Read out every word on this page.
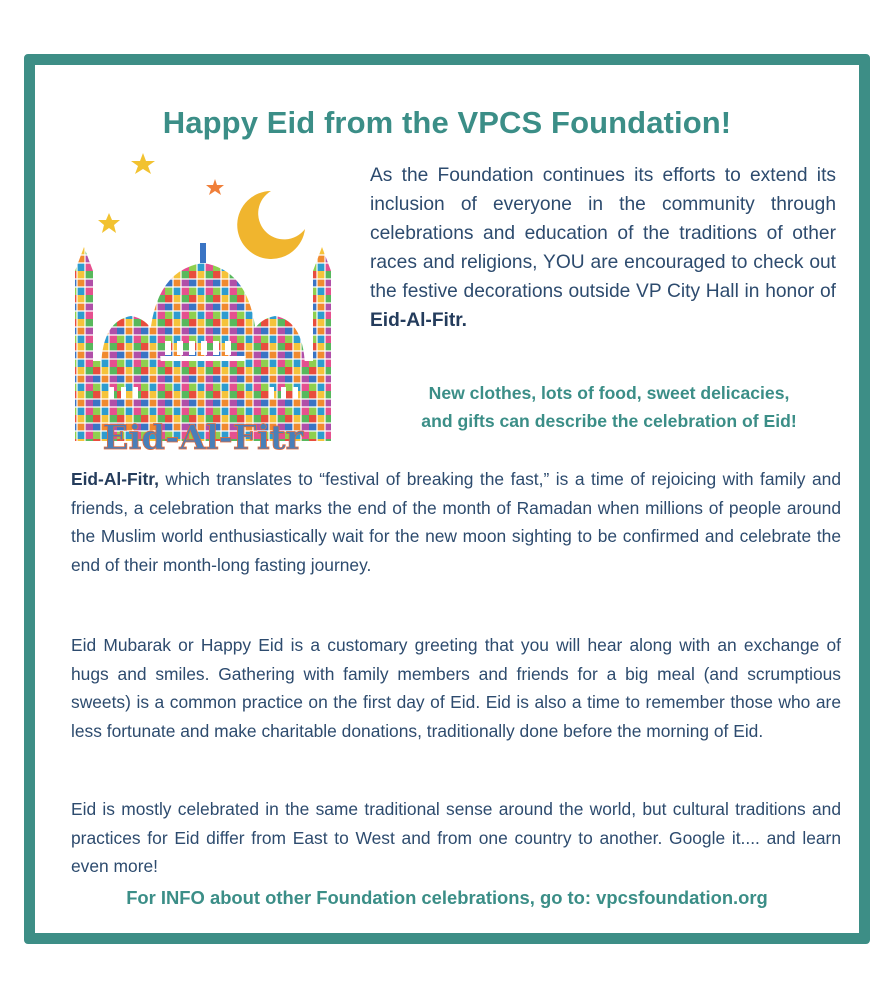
Happy Eid from the VPCS Foundation!
Eid-Al-Fitr
As the Foundation continues its efforts to extend its inclusion of everyone in the community through celebrations and education of the traditions of other races and religions, YOU are encouraged to check out the festive decorations outside VP City Hall in honor of Eid-Al-Fitr.
New clothes, lots of food, sweet delicacies,
and gifts can describe the celebration of Eid!
Eid-Al-Fitr, which translates to “festival of breaking the fast,” is a time of rejoicing with family and friends, a celebration that marks the end of the month of Ramadan when millions of people around the Muslim world enthusiastically wait for the new moon sighting to be confirmed and celebrate the end of their month-long fasting journey.
Eid Mubarak or Happy Eid is a customary greeting that you will hear along with an exchange of hugs and smiles. Gathering with family members and friends for a big meal (and scrumptious sweets) is a common practice on the first day of Eid. Eid is also a time to remember those who are less fortunate and make charitable donations, traditionally done before the morning of Eid.
Eid is mostly celebrated in the same traditional sense around the world, but cultural traditions and practices for Eid differ from East to West and from one country to another. Google it.... and learn even more!
For INFO about other Foundation celebrations, go to: vpcsfoundation.org
